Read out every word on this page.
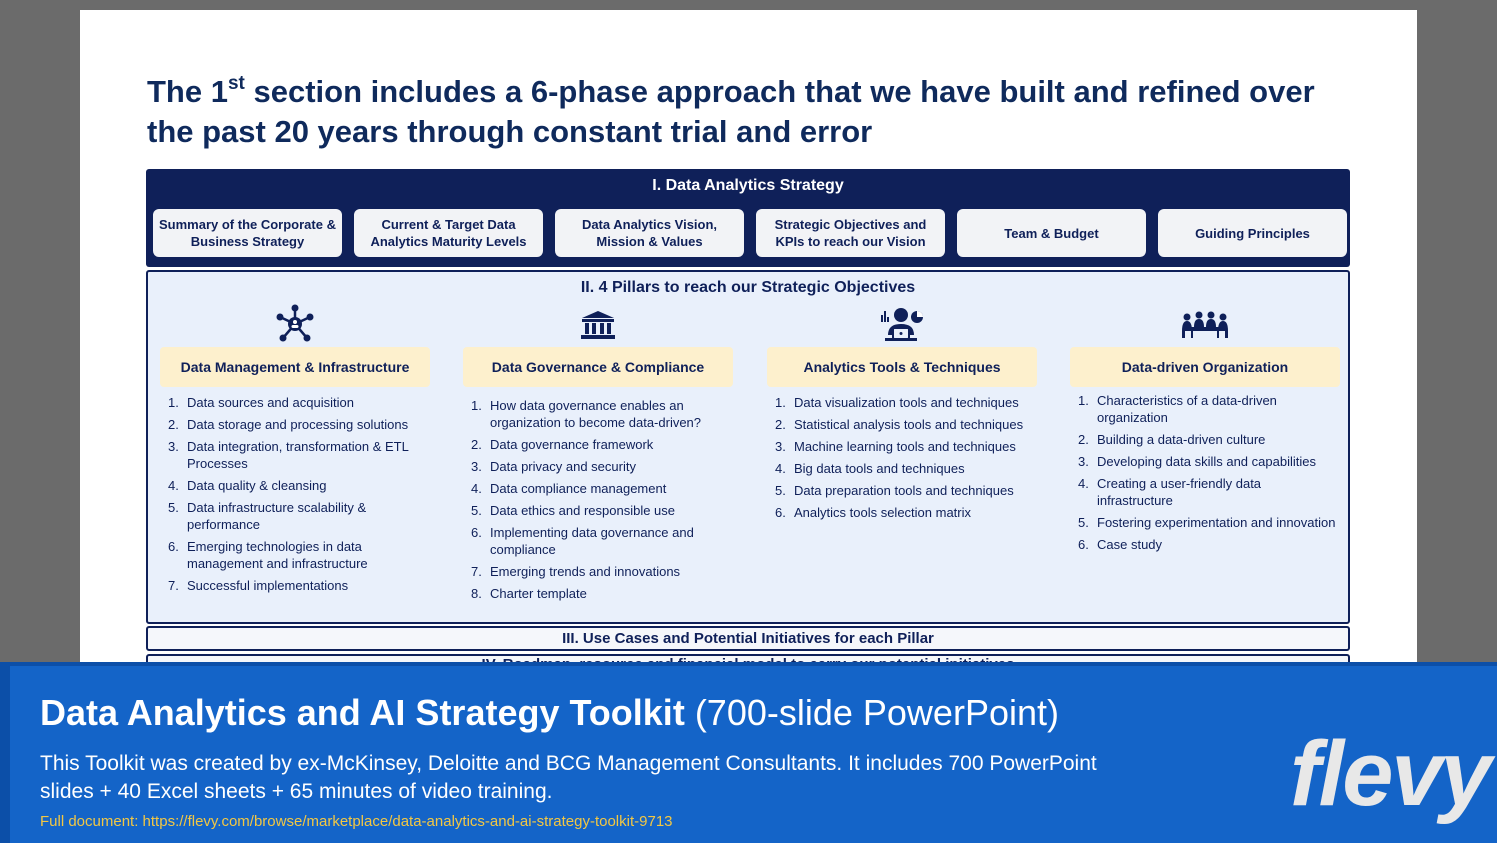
The 1st section includes a 6-phase approach that we have built and refined over the past 20 years through constant trial and error
I. Data Analytics Strategy
Summary of the Corporate & Business Strategy
Current & Target Data Analytics Maturity Levels
Data Analytics Vision, Mission & Values
Strategic Objectives and KPIs to reach our Vision
Team & Budget	Guiding Principles
II. 4 Pillars to reach our Strategic Objectives
Data Management & Infrastructure
1. Data sources and acquisition
2. Data storage and processing solutions
3. Data integration, transformation & ETL Processes
4. Data quality & cleansing
5. Data infrastructure scalability & performance
6. Emerging technologies in data management and infrastructure
7. Successful implementations
Data Governance & Compliance
1. How data governance enables an organization to become data-driven?
2. Data governance framework
3. Data privacy and security
4. Data compliance management
5. Data ethics and responsible use
6. Implementing data governance and compliance
7. Emerging trends and innovations
8. Charter template
Analytics Tools & Techniques
1. Data visualization tools and techniques
2. Statistical analysis tools and techniques
3. Machine learning tools and techniques
4. Big data tools and techniques
5. Data preparation tools and techniques
6. Analytics tools selection matrix
Data-driven Organization
1. Characteristics of a data-driven organization
2. Building a data-driven culture
3. Developing data skills and capabilities
4. Creating a user-friendly data infrastructure
5. Fostering experimentation and innovation
6. Case study
III. Use Cases and Potential Initiatives for each Pillar
Data Analytics and AI Strategy Toolkit (700-slide PowerPoint)
This Toolkit was created by ex-McKinsey, Deloitte and BCG Management Consultants. It includes 700 PowerPoint slides + 40 Excel sheets + 65 minutes of video training.
Full document: https://flevy.com/browse/marketplace/data-analytics-and-ai-strategy-toolkit-9713	flevy
